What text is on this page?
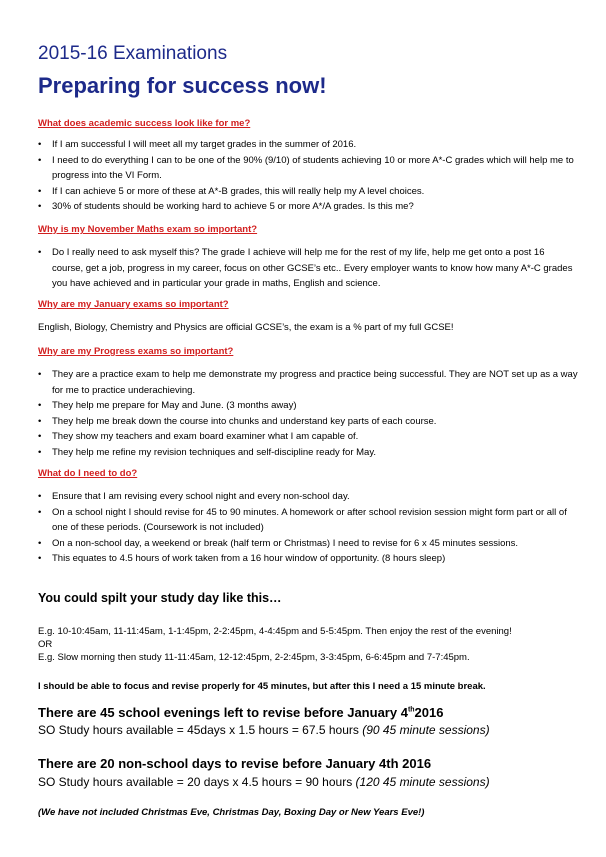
2015-16 Examinations
Preparing for success now!
What does academic success look like for me?
• If I am successful I will meet all my target grades in the summer of 2016.
• I need to do everything I can to be one of the 90% (9/10) of students achieving 10 or more A*-C grades which will help me to progress into the VI Form.
• If I can achieve 5 or more of these at A*-B grades, this will really help my A level choices.
• 30% of students should be working hard to achieve 5 or more A*/A grades. Is this me?
Why is my November Maths exam so important?
• Do I really need to ask myself this? The grade I achieve will help me for the rest of my life, help me get onto a post 16 course, get a job, progress in my career, focus on other GCSE’s etc.. Every employer wants to know how many A*-C grades you have achieved and in particular your grade in maths, English and science.
Why are my January exams so important?
English, Biology, Chemistry and Physics are official GCSE’s, the exam is a % part of my full GCSE!
Why are my Progress exams so important?
• They are a practice exam to help me demonstrate my progress and practice being successful. They are NOT set up as a way for me to practice underachieving.
• They help me prepare for May and June. (3 months away)
• They help me break down the course into chunks and understand key parts of each course.
• They show my teachers and exam board examiner what I am capable of.
• They help me refine my revision techniques and self-discipline ready for May.
What do I need to do?
• Ensure that I am revising every school night and every non-school day.
• On a school night I should revise for 45 to 90 minutes. A homework or after school revision session might form part or all of one of these periods. (Coursework is not included)
• On a non-school day, a weekend or break (half term or Christmas) I need to revise for 6 x 45 minutes sessions.
• This equates to 4.5 hours of work taken from a 16 hour window of opportunity. (8 hours sleep)
You could spilt your study day like this…
E.g. 10-10:45am, 11-11:45am, 1-1:45pm, 2-2:45pm, 4-4:45pm and 5-5:45pm. Then enjoy the rest of the evening!
OR
E.g. Slow morning then study 11-11:45am, 12-12:45pm, 2-2:45pm, 3-3:45pm, 6-6:45pm and 7-7:45pm.
I should be able to focus and revise properly for 45 minutes, but after this I need a 15 minute break.
There are 45 school evenings left to revise before January 4th2016
SO Study hours available = 45days x 1.5 hours = 67.5 hours (90 45 minute sessions)
There are 20 non-school days to revise before January 4th 2016
SO Study hours available = 20 days x 4.5 hours = 90 hours (120 45 minute sessions)
(We have not included Christmas Eve, Christmas Day, Boxing Day or New Years Eve!)
